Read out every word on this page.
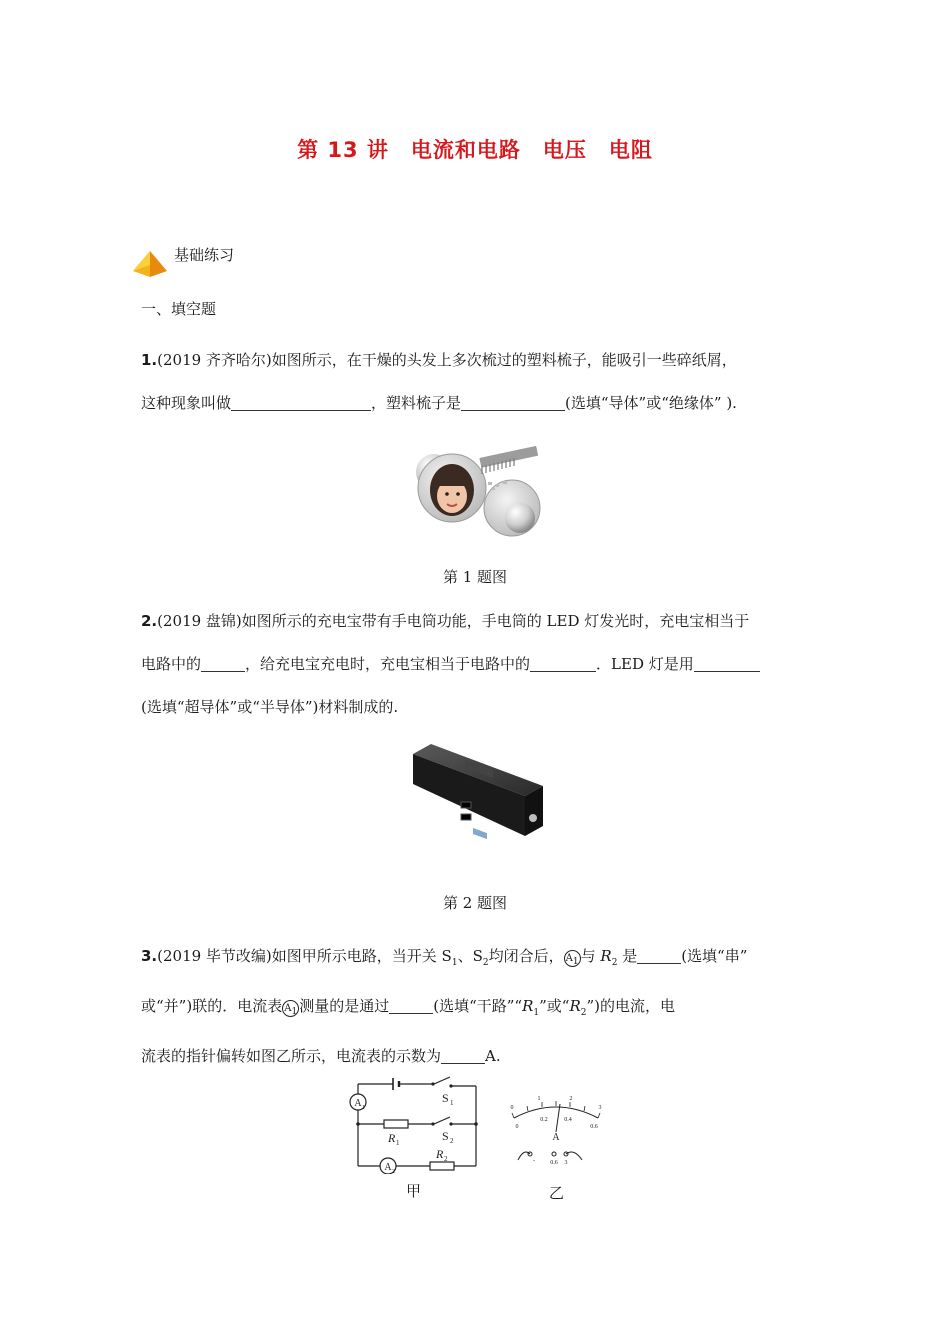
第 13 讲　电流和电路　电压　电阻
基础练习
一、填空题

1.(2019 齐齐哈尔)如图所示，在干燥的头发上多次梳过的塑料梳子，能吸引一些碎纸屑，

这种现象叫做	，塑料梳子是	(选填“导体”或“绝缘体” ).

第 1 题图

2.(2019 盘锦)如图所示的充电宝带有手电筒功能，手电筒的 LED 灯发光时，充电宝相当于

电路中的	，给充电宝充电时，充电宝相当于电路中的	．LED 灯是用

(选填“超导体”或“半导体”)材料制成的.

第 2 题图

3.(2019 毕节改编)如图甲所示电路，当开关 $S_1$、$S_2$均闭合后， $A_1$ 与 $R_2$ 是	(选填“串”

或“并”)联的．电流表 $A_1$ 测量的是通过	(选填“干路$”“R_1$”或“$R_2$”)的电流，电

流表的指针偏转如图乙所示，电流表的示数为	A.

A
A
1
2
S
S
R
R
1
2
1
2
0
1	2
3
0
0.2	0.4
0.6
A
-	0.6 3
甲	乙
